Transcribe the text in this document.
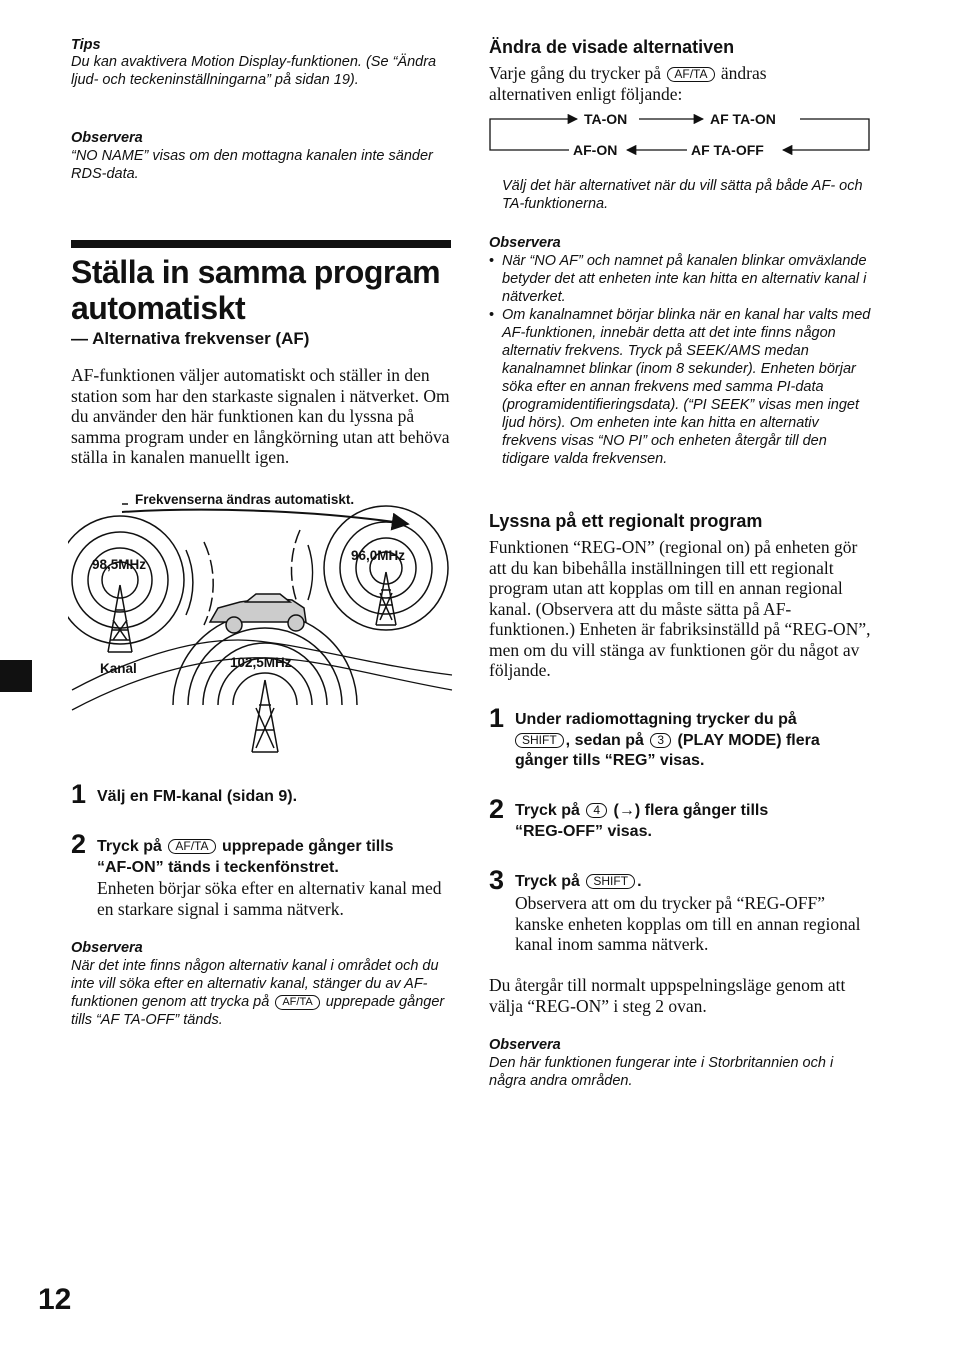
Tips
Du kan avaktivera Motion Display-funktionen. (Se “Ändra ljud- och teckeninställningarna” på sidan 19).
Observera
“NO NAME” visas om den mottagna kanalen inte sänder RDS-data.
Ställa in samma program
automatiskt
— Alternativa frekvenser (AF)
AF-funktionen väljer automatiskt och ställer in den station som har den starkaste signalen i nätverket. Om du använder den här funktionen kan du lyssna på samma program under en långkörning utan att behöva ställa in kanalen manuellt igen.
Frekvenserna ändras automatiskt.
98,5MHz
96,0MHz
102,5MHz
Kanal
1 Välj en FM-kanal (sidan 9).
2 Tryck på AF/TA upprepade gånger tills
“AF-ON” tänds i teckenfönstret.
Enheten börjar söka efter en alternativ kanal med en starkare signal i samma nätverk.
Observera
När det inte finns någon alternativ kanal i området och du inte vill söka efter en alternativ kanal, stänger du av AF-funktionen genom att trycka på AF/TA upprepade gånger tills “AF TA-OFF” tänds.
12
Ändra de visade alternativen
Varje gång du trycker på AF/TA ändras
alternativen enligt följande:
TA-ON	AF TA-ON
AF-ON	AF TA-OFF
Välj det här alternativet när du vill sätta på både AF- och TA-funktionerna.
Observera
• När “NO AF” och namnet på kanalen blinkar omväxlande betyder det att enheten inte kan hitta en alternativ kanal i nätverket.
• Om kanalnamnet börjar blinka när en kanal har valts med AF-funktionen, innebär detta att det inte finns någon alternativ frekvens. Tryck på SEEK/AMS medan kanalnamnet blinkar (inom 8 sekunder). Enheten börjar söka efter en annan frekvens med samma PI-data (programidentifieringsdata). (“PI SEEK” visas men inget ljud hörs). Om enheten inte kan hitta en alternativ frekvens visas “NO PI” och enheten återgår till den tidigare valda frekvensen.
Lyssna på ett regionalt program
Funktionen “REG-ON” (regional on) på enheten gör att du kan bibehålla inställningen till ett regionalt program utan att kopplas om till en annan regional kanal. (Observera att du måste sätta på AF-funktionen.) Enheten är fabriksinställd på “REG-ON”, men om du vill stänga av funktionen gör du något av följande.
1 Under radiomottagning trycker du på
SHIFT , sedan på 3 (PLAY MODE) flera
gånger tills “REG” visas.
2 Tryck på 4 (→) flera gånger tills
“REG-OFF” visas.
3 Tryck på SHIFT .
Observera att om du trycker på “REG-OFF” kanske enheten kopplas om till en annan regional kanal inom samma nätverk.
Du återgår till normalt uppspelningsläge genom att välja “REG-ON” i steg 2 ovan.
Observera
Den här funktionen fungerar inte i Storbritannien och i några andra områden.
